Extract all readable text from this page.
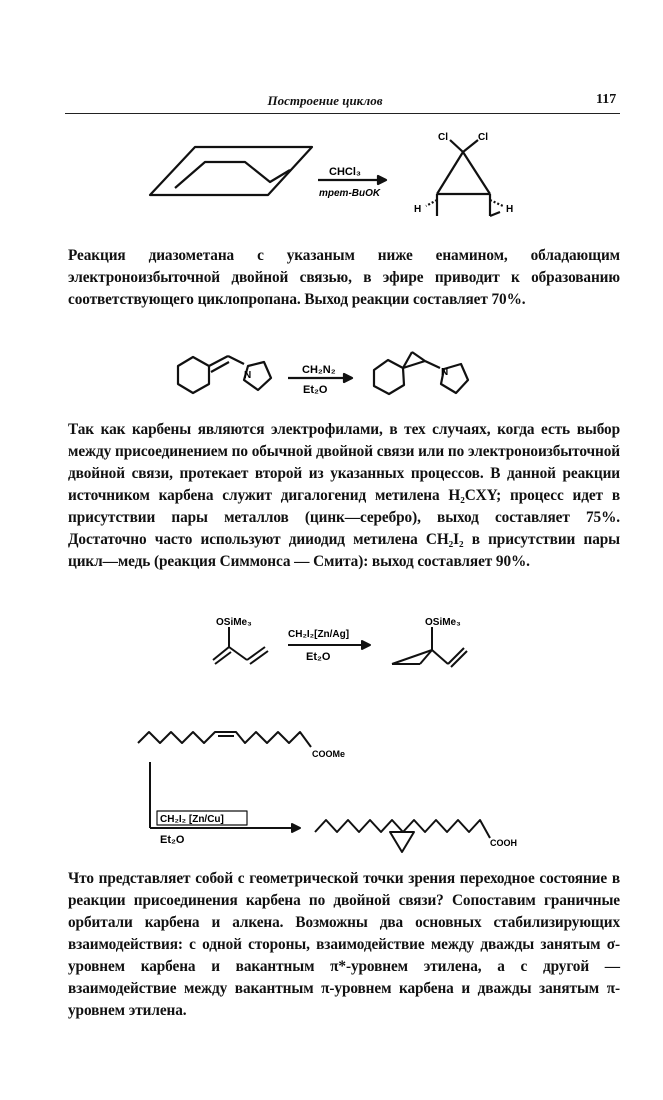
Построение циклов	117
CHCl₃
трет-BuOK
Cl	Cl
H	H

Реакция диазометана с указаным ниже енамином, обладающим электроноизбыточной двойной связью, в эфире приводит к образованию соответствующего циклопропана. Выход реакции составляет 70%.

N	N
CH₂N₂
Et₂O

Так как карбены являются электрофилами, в тех случаях, когда есть выбор между присоединением по обычной двойной связи или по электроноизбыточной двойной связи, протекает второй из указанных процессов. В данной реакции источником карбена служит дигалогенид метилена H₂CXY; процесс идет в присутствии пары металлов (цинк—серебро), выход составляет 75%. Достаточно часто используют дииодид метилена CH₂I₂ в присутствии пары цикл—медь (реакция Симмонса — Смита): выход составляет 90%.

OSiMe₃	OSiMe₃
CH₂I₂[Zn/Ag]
Et₂O
COOMe
CH₂I₂ [Zn/Cu]
Et₂O	COOH

Что представляет собой с геометрической точки зрения переходное состояние в реакции присоединения карбена по двойной связи? Сопоставим граничные орбитали карбена и алкена. Возможны два основных стабилизирующих взаимодействия: с одной стороны, взаимодействие между дважды занятым σ-уровнем карбена и вакантным π*-уровнем этилена, а с другой — взаимодействие между вакантным π-уровнем карбена и дважды занятым π-уровнем этилена.
